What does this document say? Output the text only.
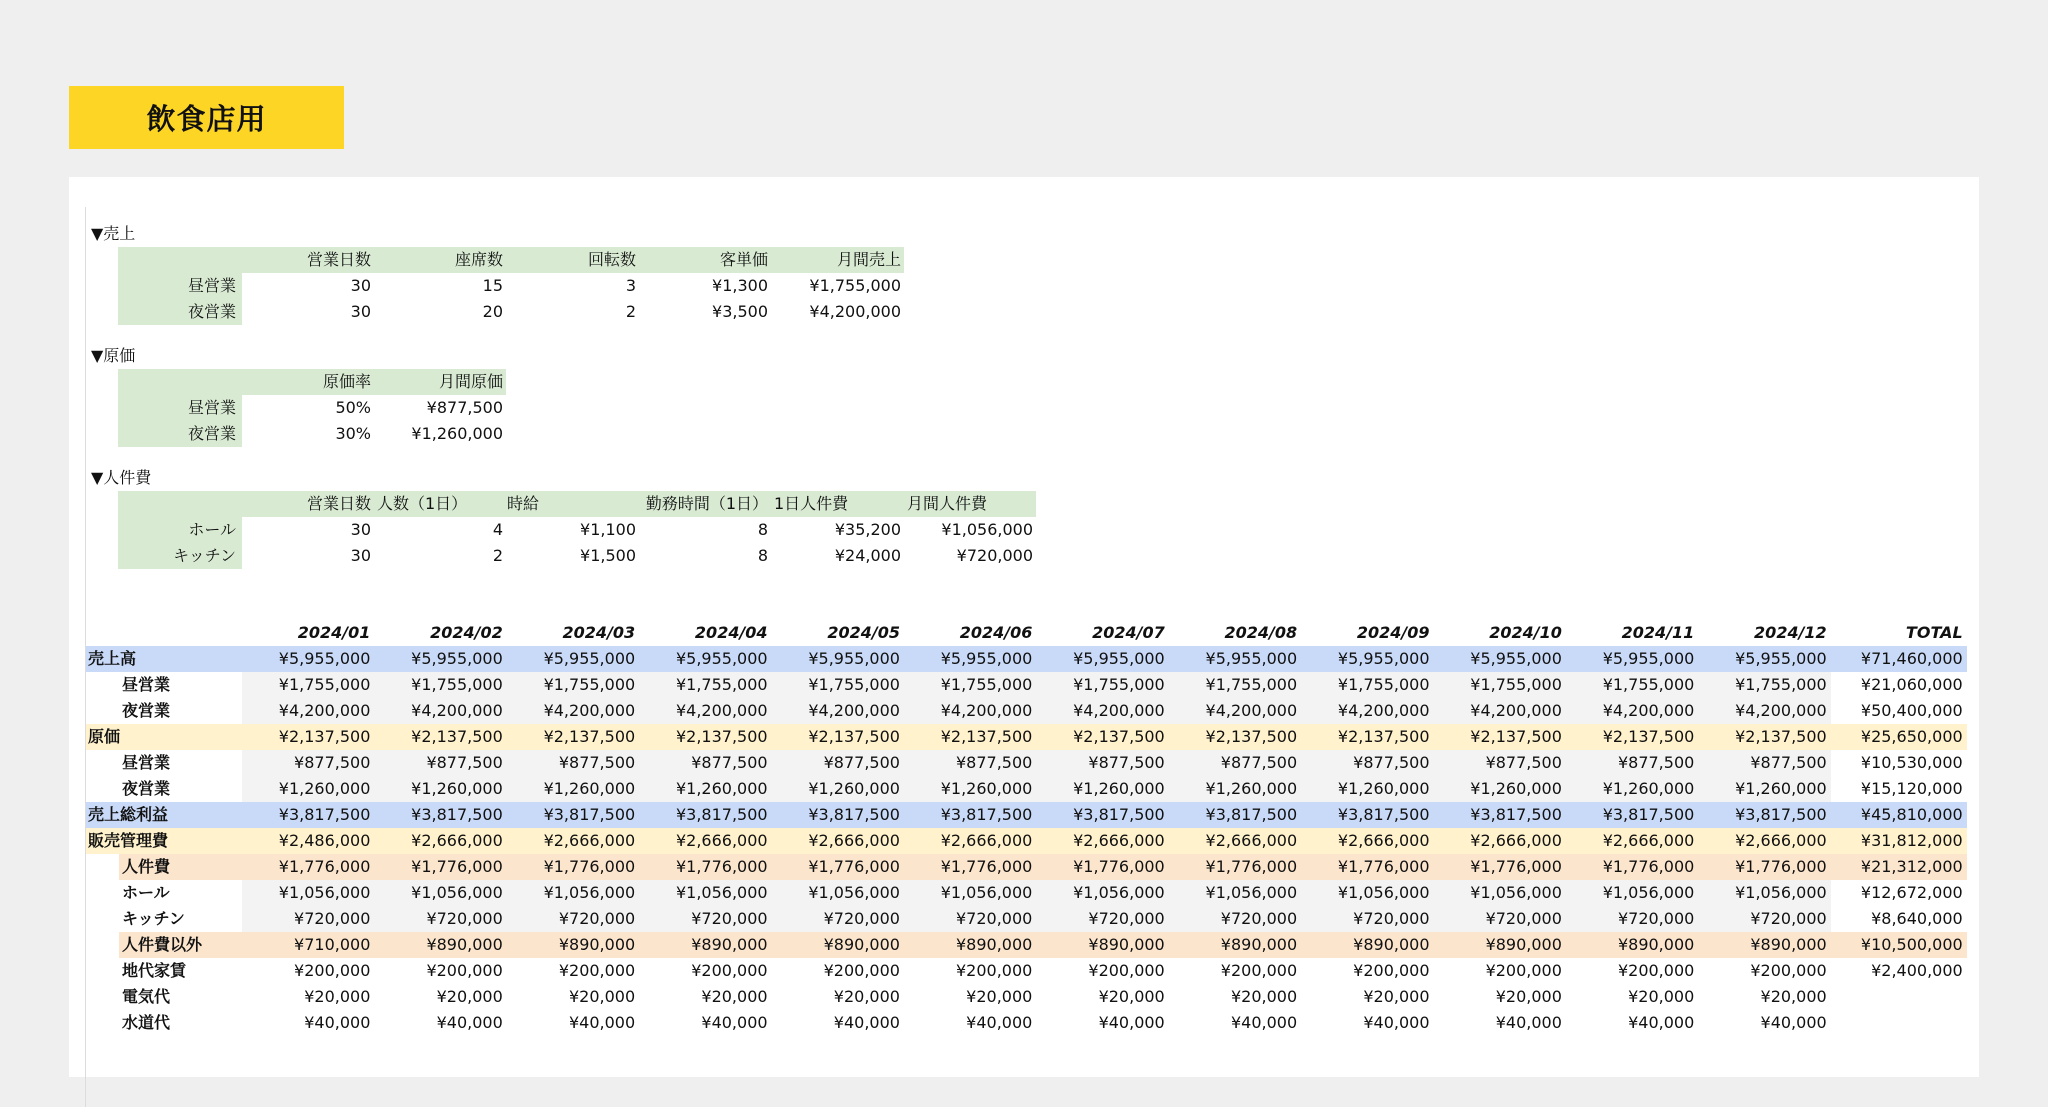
飲食店用
▼売上
	営業日数	座席数	回転数	客単価	月間売上
昼営業	30	15	3	¥1,300	¥1,755,000
夜営業	30	20	2	¥3,500	¥4,200,000
▼原価
	原価率	月間原価
昼営業	50%	¥877,500
夜営業	30%	¥1,260,000
▼人件費
	営業日数	人数（1日）	時給	勤務時間（1日）	1日人件費	月間人件費
ホール	30	4	¥1,100	8	¥35,200	¥1,056,000
キッチン	30	2	¥1,500	8	¥24,000	¥720,000
	2024/01	2024/02	2024/03	2024/04	2024/05	2024/06	2024/07	2024/08	2024/09	2024/10	2024/11	2024/12	TOTAL
売上高	¥5,955,000	¥5,955,000	¥5,955,000	¥5,955,000	¥5,955,000	¥5,955,000	¥5,955,000	¥5,955,000	¥5,955,000	¥5,955,000	¥5,955,000	¥5,955,000	¥71,460,000
昼営業	¥1,755,000	¥1,755,000	¥1,755,000	¥1,755,000	¥1,755,000	¥1,755,000	¥1,755,000	¥1,755,000	¥1,755,000	¥1,755,000	¥1,755,000	¥1,755,000	¥21,060,000
夜営業	¥4,200,000	¥4,200,000	¥4,200,000	¥4,200,000	¥4,200,000	¥4,200,000	¥4,200,000	¥4,200,000	¥4,200,000	¥4,200,000	¥4,200,000	¥4,200,000	¥50,400,000
原価	¥2,137,500	¥2,137,500	¥2,137,500	¥2,137,500	¥2,137,500	¥2,137,500	¥2,137,500	¥2,137,500	¥2,137,500	¥2,137,500	¥2,137,500	¥2,137,500	¥25,650,000
昼営業	¥877,500	¥877,500	¥877,500	¥877,500	¥877,500	¥877,500	¥877,500	¥877,500	¥877,500	¥877,500	¥877,500	¥877,500	¥10,530,000
夜営業	¥1,260,000	¥1,260,000	¥1,260,000	¥1,260,000	¥1,260,000	¥1,260,000	¥1,260,000	¥1,260,000	¥1,260,000	¥1,260,000	¥1,260,000	¥1,260,000	¥15,120,000
売上総利益	¥3,817,500	¥3,817,500	¥3,817,500	¥3,817,500	¥3,817,500	¥3,817,500	¥3,817,500	¥3,817,500	¥3,817,500	¥3,817,500	¥3,817,500	¥3,817,500	¥45,810,000
販売管理費	¥2,486,000	¥2,666,000	¥2,666,000	¥2,666,000	¥2,666,000	¥2,666,000	¥2,666,000	¥2,666,000	¥2,666,000	¥2,666,000	¥2,666,000	¥2,666,000	¥31,812,000
人件費	¥1,776,000	¥1,776,000	¥1,776,000	¥1,776,000	¥1,776,000	¥1,776,000	¥1,776,000	¥1,776,000	¥1,776,000	¥1,776,000	¥1,776,000	¥1,776,000	¥21,312,000
ホール	¥1,056,000	¥1,056,000	¥1,056,000	¥1,056,000	¥1,056,000	¥1,056,000	¥1,056,000	¥1,056,000	¥1,056,000	¥1,056,000	¥1,056,000	¥1,056,000	¥12,672,000
キッチン	¥720,000	¥720,000	¥720,000	¥720,000	¥720,000	¥720,000	¥720,000	¥720,000	¥720,000	¥720,000	¥720,000	¥720,000	¥8,640,000
人件費以外	¥710,000	¥890,000	¥890,000	¥890,000	¥890,000	¥890,000	¥890,000	¥890,000	¥890,000	¥890,000	¥890,000	¥890,000	¥10,500,000
地代家賃	¥200,000	¥200,000	¥200,000	¥200,000	¥200,000	¥200,000	¥200,000	¥200,000	¥200,000	¥200,000	¥200,000	¥200,000	¥2,400,000
電気代	¥20,000	¥20,000	¥20,000	¥20,000	¥20,000	¥20,000	¥20,000	¥20,000	¥20,000	¥20,000	¥20,000	¥20,000	
水道代	¥40,000	¥40,000	¥40,000	¥40,000	¥40,000	¥40,000	¥40,000	¥40,000	¥40,000	¥40,000	¥40,000	¥40,000	
